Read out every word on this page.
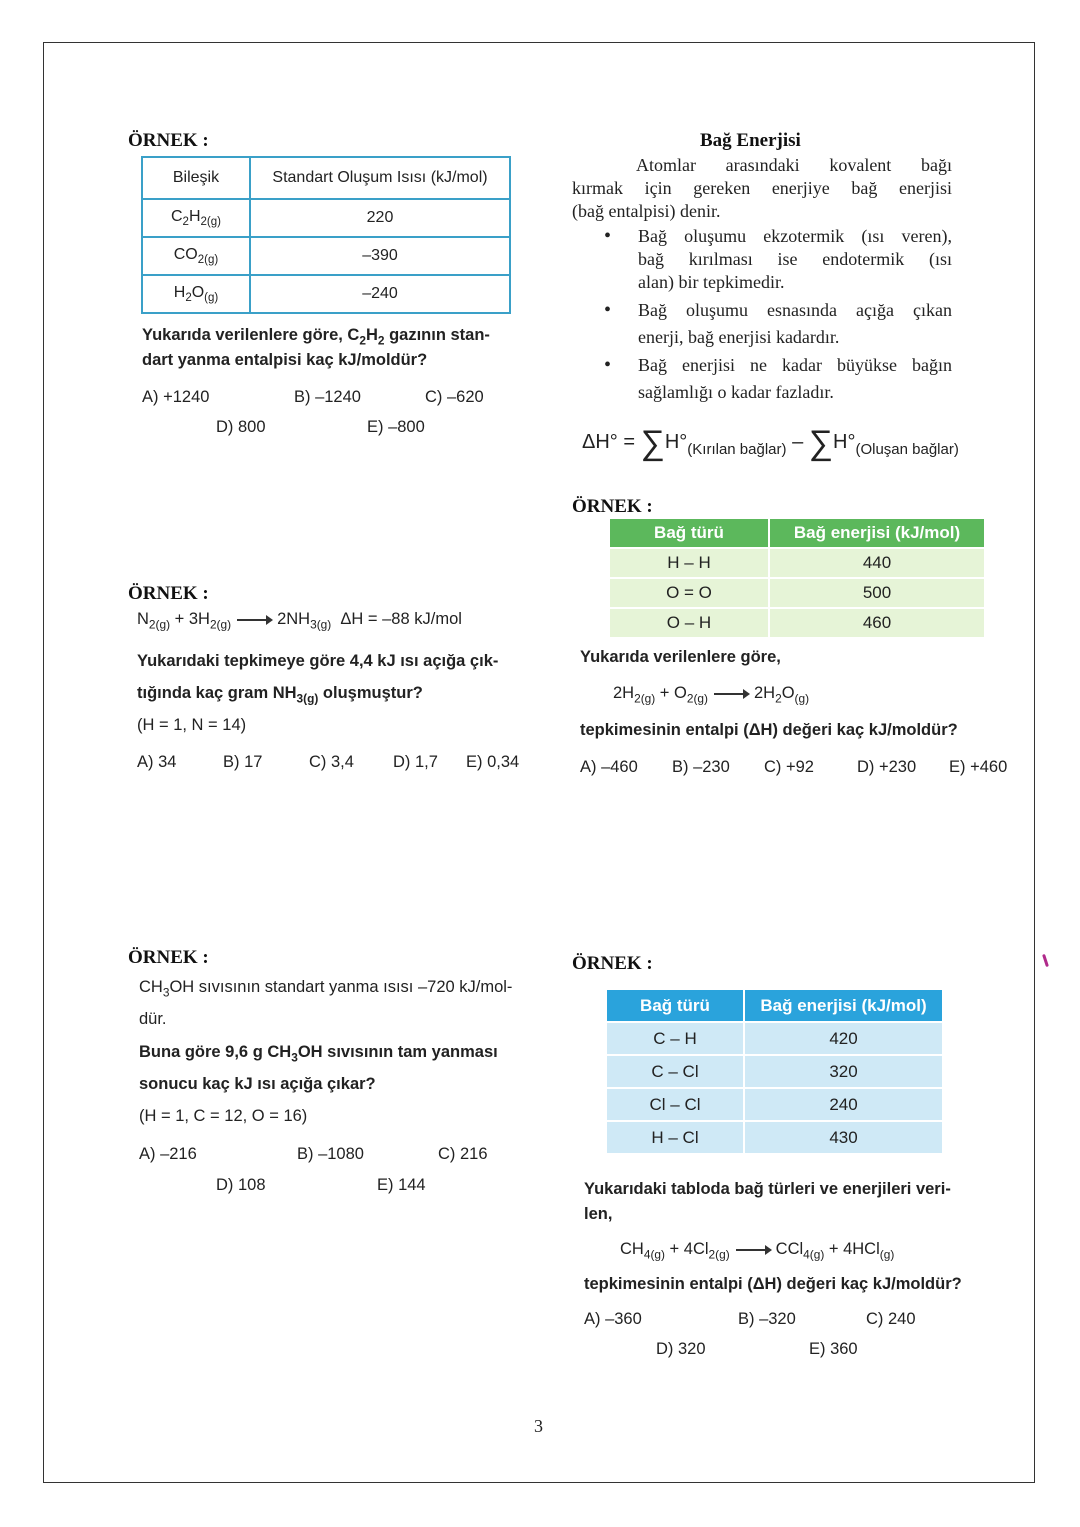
ÖRNEK :
Bileşik	Standart Oluşum Isısı (kJ/mol)
$C_2H_{2(g)}$	220
$CO_{2(g)}$	–390
$H_2O_{(g)}$	–240
Yukarıda verilenlere göre, $C_2H_2$ gazının stan-
dart yanma entalpisi kaç kJ/moldür?
A) +1240	B) –1240	C) –620
D) 800	E) –800
ÖRNEK :
$N_{2(g)} + 3H_{2(g)}$	$2NH_{3(g)}$ ΔH = –88 kJ/mol
Yukarıdaki tepkimeye göre 4,4 kJ ısı açığa çık-
tığında kaç gram $NH_{3(g)}$ oluşmuştur?
(H = 1, N = 14)
A) 34	B) 17	C) 3,4 D) 1,7 E) 0,34
ÖRNEK :
$CH_3OH$ sıvısının standart yanma ısısı –720 kJ/mol-
dür.
Buna göre 9,6 g $CH_3OH$ sıvısının tam yanması
sonucu kaç kJ ısı açığa çıkar?
(H = 1, C = 12, O = 16)
A) –216	B) –1080	C) 216
D) 108	E) 144
Bağ Enerjisi
Atomlar arasındaki kovalent bağı
kırmak için gereken enerjiye bağ enerjisi
(bağ entalpisi) denir.
• Bağ oluşumu ekzotermik (ısı veren),
bağ kırılması ise endotermik (ısı
alan) bir tepkimedir.
• Bağ oluşumu esnasında açığa çıkan
enerji, bağ enerjisi kadardır.
• Bağ enerjisi ne kadar büyükse bağın
sağlamlığı o kadar fazladır.
$\Delta H^\circ = \sum H^\circ_{(Kırılan bağlar)} - \sum H^\circ_{(Oluşan bağlar)}$
ÖRNEK :
Bağ türü	Bağ enerjisi (kJ/mol)
H – H	440
O = O	500
O – H	460
Yukarıda verilenlere göre,
$2H_{2(g)} + O_{2(g)}$	$2H_2O_{(g)}$
tepkimesinin entalpi (ΔH) değeri kaç kJ/moldür?
A) –460 B) –230 C) +92	D) +230 E) +460
ÖRNEK :
Bağ türü	Bağ enerjisi (kJ/mol)
C – H	420
C – Cl	320
Cl – Cl	240
H – Cl	430
Yukarıdaki tabloda bağ türleri ve enerjileri veri-
len,
$CH_{4(g)} + 4Cl_{2(g)}$	CCl$_{4(g)}$ + 4HCl$_{(g)}$
tepkimesinin entalpi (ΔH) değeri kaç kJ/moldür?
A) –360	B) –320	C) 240
D) 320	E) 360
3
